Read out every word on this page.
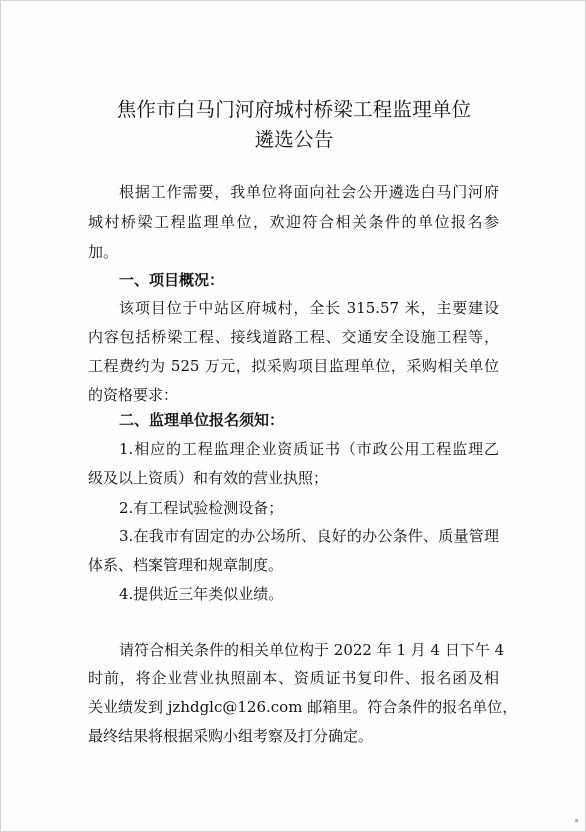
焦作市白马门河府城村桥梁工程监理单位
遴选公告
根据工作需要，我单位将面向社会公开遴选白马门河府
城村桥梁工程监理单位，欢迎符合相关条件的单位报名参
加。
一、项目概况：
该项目位于中站区府城村，全长 315.57 米，主要建设
内容包括桥梁工程、接线道路工程、交通安全设施工程等，
工程费约为 525 万元，拟采购项目监理单位，采购相关单位
的资格要求：
二、监理单位报名须知：
1.相应的工程监理企业资质证书（市政公用工程监理乙
级及以上资质）和有效的营业执照；
2.有工程试验检测设备；
3.在我市有固定的办公场所、良好的办公条件、质量管理
体系、档案管理和规章制度。
4.提供近三年类似业绩。
请符合相关条件的相关单位构于 2022 年 1 月 4 日下午 4
时前，将企业营业执照副本、资质证书复印件、报名函及相
关业绩发到 jzhdglc@126.com 邮箱里。符合条件的报名单位，
最终结果将根据采购小组考察及打分确定。
